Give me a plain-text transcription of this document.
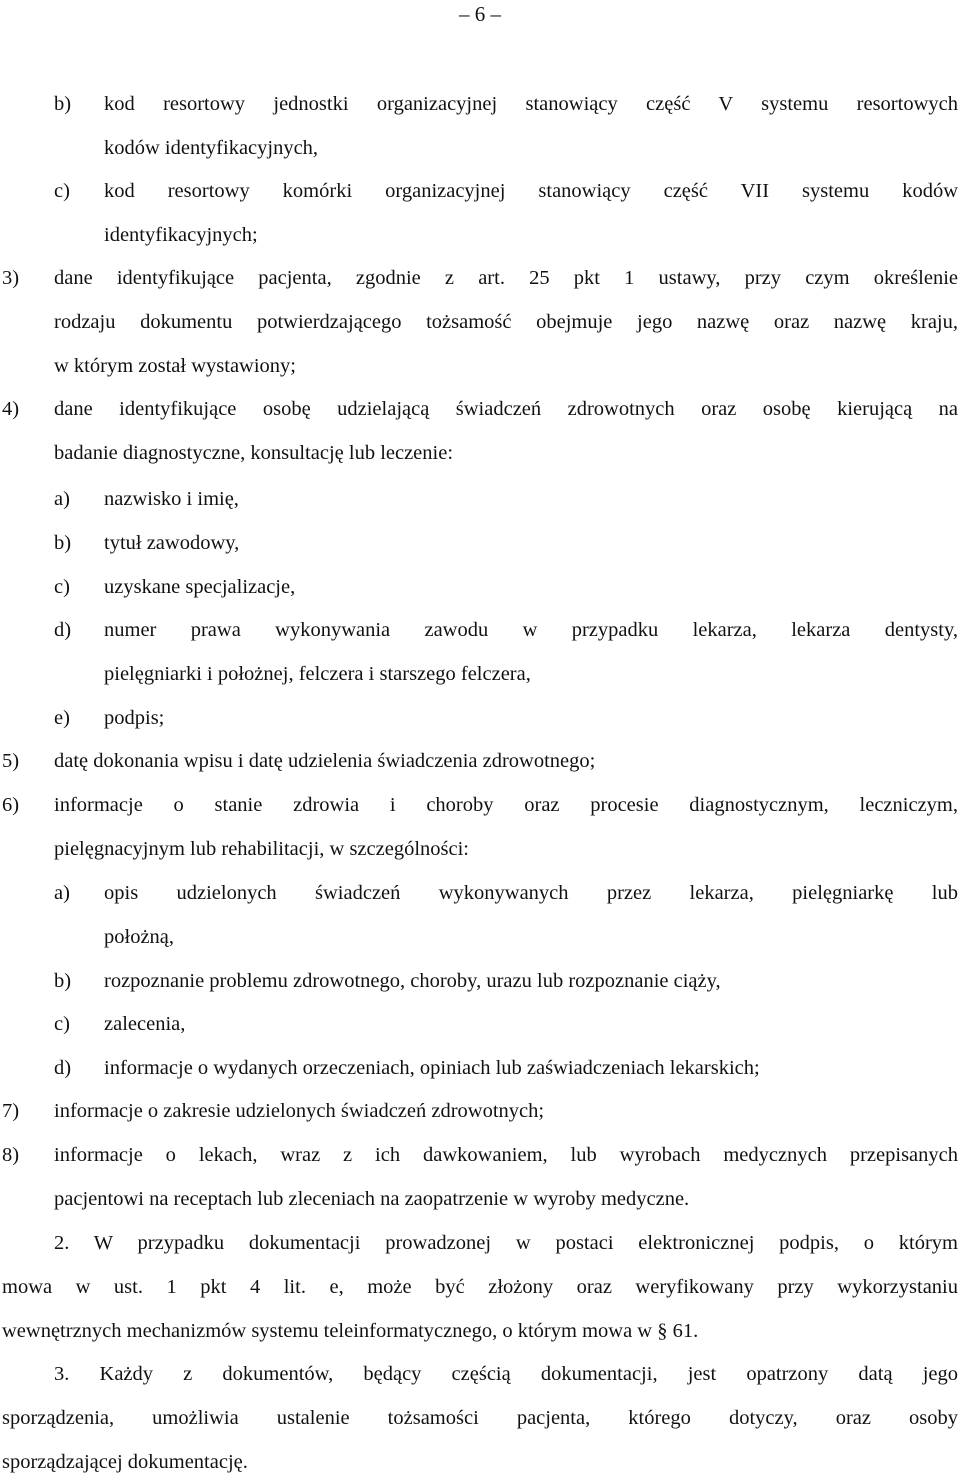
– 6 –
b) kod resortowy jednostki organizacyjnej stanowiący część V systemu resortowych
kodów identyfikacyjnych,
c) kod resortowy komórki organizacyjnej stanowiący część VII systemu kodów
identyfikacyjnych;
3) dane identyfikujące pacjenta, zgodnie z art. 25 pkt 1 ustawy, przy czym określenie
rodzaju dokumentu potwierdzającego tożsamość obejmuje jego nazwę oraz nazwę kraju,
w którym został wystawiony;
4) dane identyfikujące osobę udzielającą świadczeń zdrowotnych oraz osobę kierującą na
badanie diagnostyczne, konsultację lub leczenie:
a) nazwisko i imię,
b) tytuł zawodowy,
c) uzyskane specjalizacje,
d) numer prawa wykonywania zawodu w przypadku lekarza, lekarza dentysty,
pielęgniarki i położnej, felczera i starszego felczera,
e) podpis;
5) datę dokonania wpisu i datę udzielenia świadczenia zdrowotnego;
6) informacje o stanie zdrowia i choroby oraz procesie diagnostycznym, leczniczym,
pielęgnacyjnym lub rehabilitacji, w szczególności:
a) opis udzielonych świadczeń wykonywanych przez lekarza, pielęgniarkę lub
położną,
b) rozpoznanie problemu zdrowotnego, choroby, urazu lub rozpoznanie ciąży,
c) zalecenia,
d) informacje o wydanych orzeczeniach, opiniach lub zaświadczeniach lekarskich;
7) informacje o zakresie udzielonych świadczeń zdrowotnych;
8) informacje o lekach, wraz z ich dawkowaniem, lub wyrobach medycznych przepisanych
pacjentowi na receptach lub zleceniach na zaopatrzenie w wyroby medyczne.
2. W przypadku dokumentacji prowadzonej w postaci elektronicznej podpis, o którym
mowa w ust. 1 pkt 4 lit. e, może być złożony oraz weryfikowany przy wykorzystaniu
wewnętrznych mechanizmów systemu teleinformatycznego, o którym mowa w § 61.
3. Każdy z dokumentów, będący częścią dokumentacji, jest opatrzony datą jego
sporządzenia, umożliwia ustalenie tożsamości pacjenta, którego dotyczy, oraz osoby
sporządzającej dokumentację.
